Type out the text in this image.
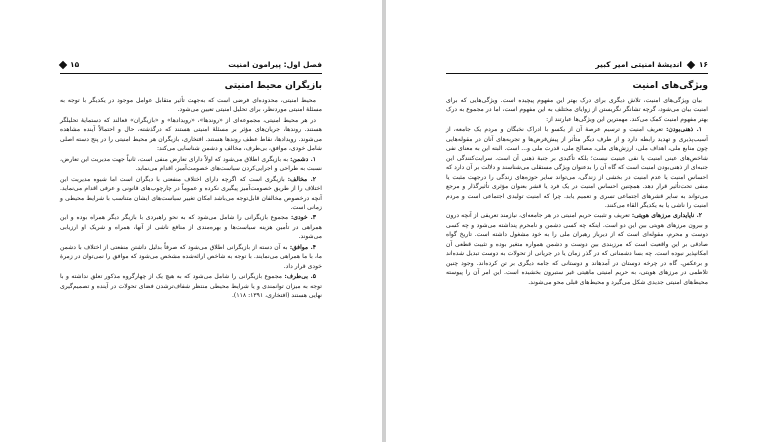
۱۵	فصل اول: پیرامون امنیت
بازیگران محیط امنیتی

محیط امنیتی، محدوده‌ای فرضی است که به‌جهت تأثیر متقابل عوامل موجود در یکدیگر با توجه به مسئلهٔ امنیتی موردنظر، برای تحلیل امنیتی تعیین می‌شود.

در هر محیط امنیتی، مجموعه‌ای از «روندها»، «رویدادها» و «بازیگران» فعالند که دستمایهٔ تحلیلگر هستند. روندها، جریان‌های مؤثر بر مسئلهٔ امنیتی هستند که درگذشته، حال و احتمالاً آینده مشاهده می‌شوند. رویدادها، نقاط عطف روندها هستند. افتخاری، بازیگران هر محیط امنیتی را در پنج دسته اصلی شامل خودی، موافق، بی‌طرف، مخالف و دشمن شناسایی می‌کند:

۱. دشمن: به بازیگری اطلاق می‌شود که اولاً دارای تعارض منفی است، ثانیاً جهت مدیریت این تعارض، نسبت به طراحی و اجرایی‌کردن سیاست‌های خصومت‌آمیز، اقدام می‌نماید.

۲. مخالف: بازیگری است که اگرچه دارای اختلاف منفعتی با دیگران است اما شیوه مدیریت این اختلاف را از طریق خصومت‌آمیز پیگیری نکرده و عموماً در چارچوب‌های قانونی و عرفی اقدام می‌نماید. آنچه درخصوص مخالفان قابل‌توجه می‌باشد امکان تغییر سیاست‌های ایشان متناسب با شرایط محیطی و زمانی است.

۳. خودی: مجموع بازیگرانی را شامل می‌شود که به نحو راهبردی با بازیگر دیگر همراه بوده و این همراهی در تأمین هزینه سیاست‌ها و بهره‌مندی از منافع ناشی از آنها، همراه و شریک او ارزیابی می‌شوند.

۴. موافق: به آن دسته از بازیگرانی اطلاق می‌شود که صرفاً بدلیل داشتن منفعتی از اختلاف با دشمن ما، با ما همراهی می‌نمایند. با توجه به شاخص ارائه‌شده مشخص می‌شود که موافق را نمی‌توان در زمرهٔ خودی قرار داد.

۵. بی‌طرف: مجموع بازیگرانی را شامل می‌شود که به هیچ یک از چهارگروه مذکور تعلق نداشته و با توجه به میزان توانمندی و یا شرایط محیطی منتظر شفاف‌ترشدن فضای تحولات در آینده و تصمیم‌گیری نهایی هستند (افتخاری، ۱۳۹۱: ۱۱۸).

۱۶
اندیشهٔ امنیتی امیر کبیر
ویژگی‌های امنیت

بیان ویژگی‌های امنیت، تلاش دیگری برای درک بهتر این مفهوم پیچیده است. ویژگی‌هایی که برای امنیت بیان می‌شود، گرچه تشانگر نگریستن از زوایای مختلف به این مفهوم است، اما در مجموع به درک بهتر مفهوم امنیت کمک می‌کند. مهمترین این ویژگی‌ها عبارتند از:

۱. ذهنی‌بودن: تعریف امنیت و ترسیم عرصهٔ آن از یکسو با ادراک نخبگان و مردم یک جامعه، از آسیب‌پذیری و تهدید رابطه دارد و از طرف دیگر متأثر از پیش‌فرض‌ها و تجربه‌های آنان در مقوله‌هایی چون منابع ملی، اهداف ملی، ارزش‌های ملی، مصالح ملی، قدرت ملی و... است. البته این به معنای نفی شاخص‌های عینی امنیت یا نفی عینیت نیست؛ بلکه تأکیدی بر جنبهٔ ذهنی آن است. سرایت‌کنندگی این جنبه‌ای از ذهنی‌بودن امنیت است که گاه آن را بدعنوان ویژگی مستقلی می‌شناسند و دلالت بر آن دارد که احساس امنیت یا عدم امنیت در بخشی از زندگی، می‌تواند سایر حوزه‌های زندگی را درجهت مثبت یا منفی تحت‌تأثیر قرار دهد. همچنین احساس امنیت در یک فرد یا قشر بعنوان مؤثری تأثیرگذار و مرجع می‌تواند به سایر قشرهای اجتماعی تسری و تعمیم یابد. چرا که امنیت تولیدی اجتماعی است و مردم امنیت را ناشی یا به یکدیگر القاء می‌کنند.

۲. ناپایداری مرزهای هویتی: تعریف و تثبیت حریم امنیتی در هر جامعه‌ای، نیازمند تعریفی از آنچه درون و بیرون مرزهای هویتی بین این دو است. اینکه چه کسی دشمن و نامحرم پنداشته می‌شود و چه کسی دوست و محرم، مقوله‌ای است که از دیرباز رهبران ملی را به خود مشغول داشته است. تاریخ گواه صادقی بر این واقعیت است که مرزبندی بین دوست و دشمن همواره متغیر بوده و تثبیت قطعی آن امکانپذیر نبوده است. چه بسا دشمنانی که در گذر زمان یا در جریانی از تحولات به دوست تبدیل شده‌اند و برعکس. گاه در چرخه دوستان در آمدهاند و دوستانی که جامه دیگری بر تن کرده‌اند. وجود چنین تلاطمی در مرزهای هویتی، به حریم امنیتی ماهیتی غیر ستبرون بخشیده است. این امر آن را پیوسته محیط‌های امنیتی جدیدی شکل می‌گیرد و محیط‌های قبلی محو می‌شوند.
